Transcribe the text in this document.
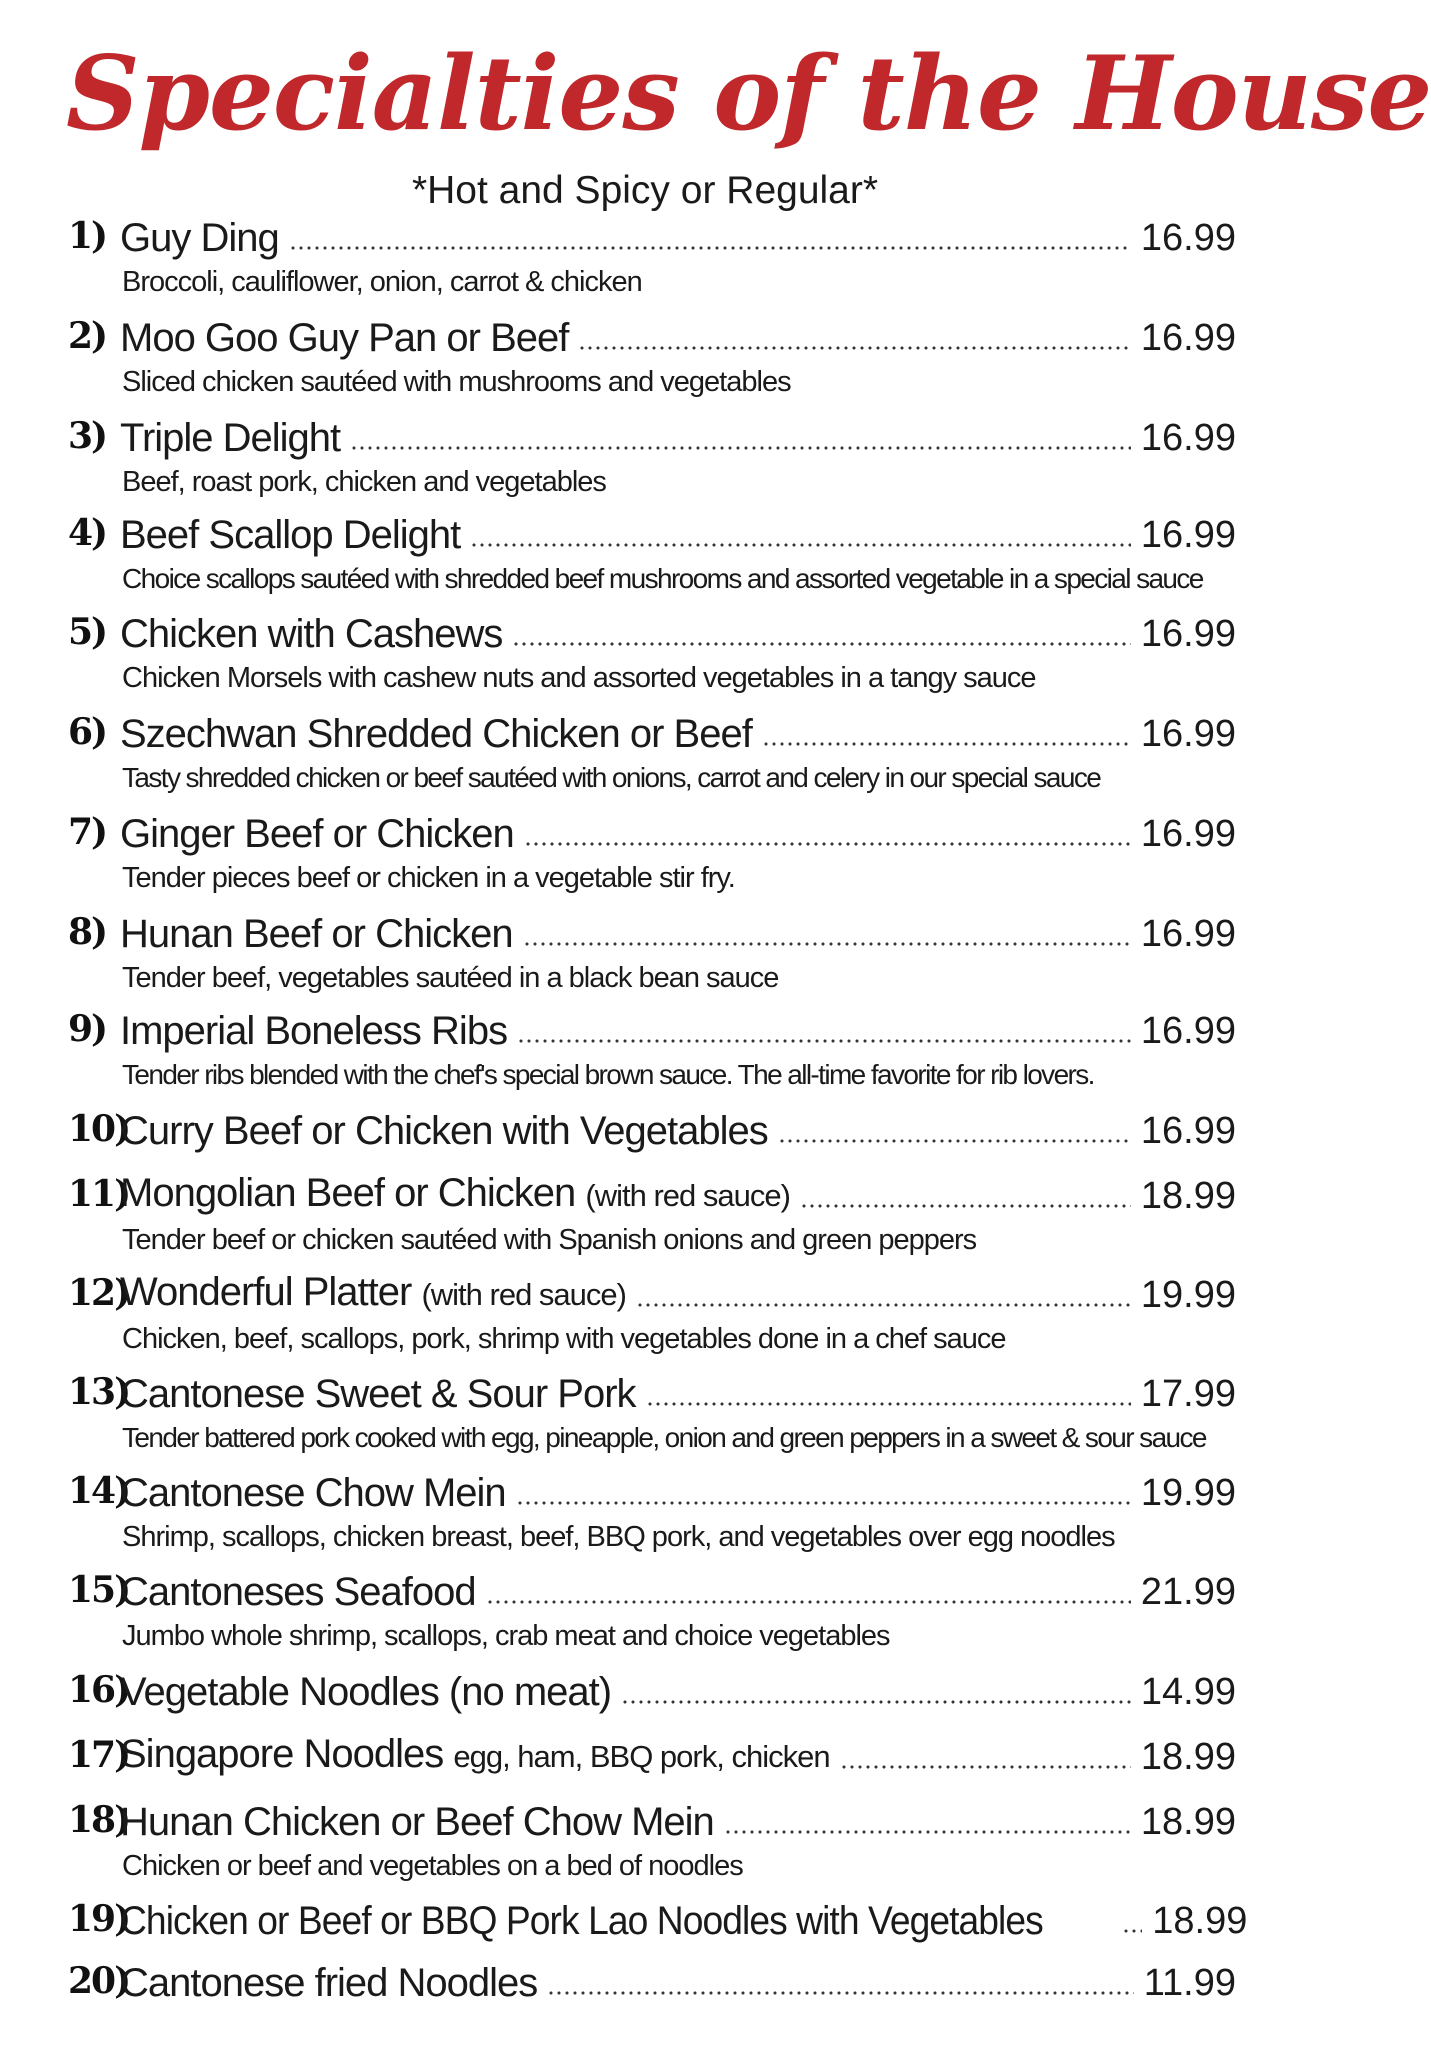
Specialties of the House
*Hot and Spicy or Regular*
1) Guy Ding	16.99
Broccoli, cauliflower, onion, carrot & chicken
2) Moo Goo Guy Pan or Beef	16.99
Sliced chicken sautéed with mushrooms and vegetables
3) Triple Delight	16.99
Beef, roast pork, chicken and vegetables
4) Beef Scallop Delight	16.99
Choice scallops sautéed with shredded beef mushrooms and assorted vegetable in a special sauce
5) Chicken with Cashews	16.99
Chicken Morsels with cashew nuts and assorted vegetables in a tangy sauce
6) Szechwan Shredded Chicken or Beef	16.99
Tasty shredded chicken or beef sautéed with onions, carrot and celery in our special sauce
7) Ginger Beef or Chicken	16.99
Tender pieces beef or chicken in a vegetable stir fry.
8) Hunan Beef or Chicken	16.99
Tender beef, vegetables sautéed in a black bean sauce
9) Imperial Boneless Ribs	16.99
Tender ribs blended with the chef's special brown sauce. The all-time favorite for rib lovers.
10)
Curry Beef or Chicken with Vegetables	16.99
11)
Mongolian Beef or Chicken (with red sauce)	18.99
Tender beef or chicken sautéed with Spanish onions and green peppers
12)
Wonderful Platter (with red sauce)	19.99
Chicken, beef, scallops, pork, shrimp with vegetables done in a chef sauce
13)
Cantonese Sweet & Sour Pork	17.99
Tender battered pork cooked with egg, pineapple, onion and green peppers in a sweet & sour sauce
14)
Cantonese Chow Mein	19.99
Shrimp, scallops, chicken breast, beef, BBQ pork, and vegetables over egg noodles
15)
Cantoneses Seafood	21.99
Jumbo whole shrimp, scallops, crab meat and choice vegetables
16)
Vegetable Noodles (no meat)	14.99
17)
Singapore Noodles egg, ham, BBQ pork, chicken	18.99
18)
Hunan Chicken or Beef Chow Mein	18.99
Chicken or beef and vegetables on a bed of noodles
19)
Chicken or Beef or BBQ Pork Lao Noodles with Vegetables	18.99
20)
Cantonese fried Noodles	11.99
